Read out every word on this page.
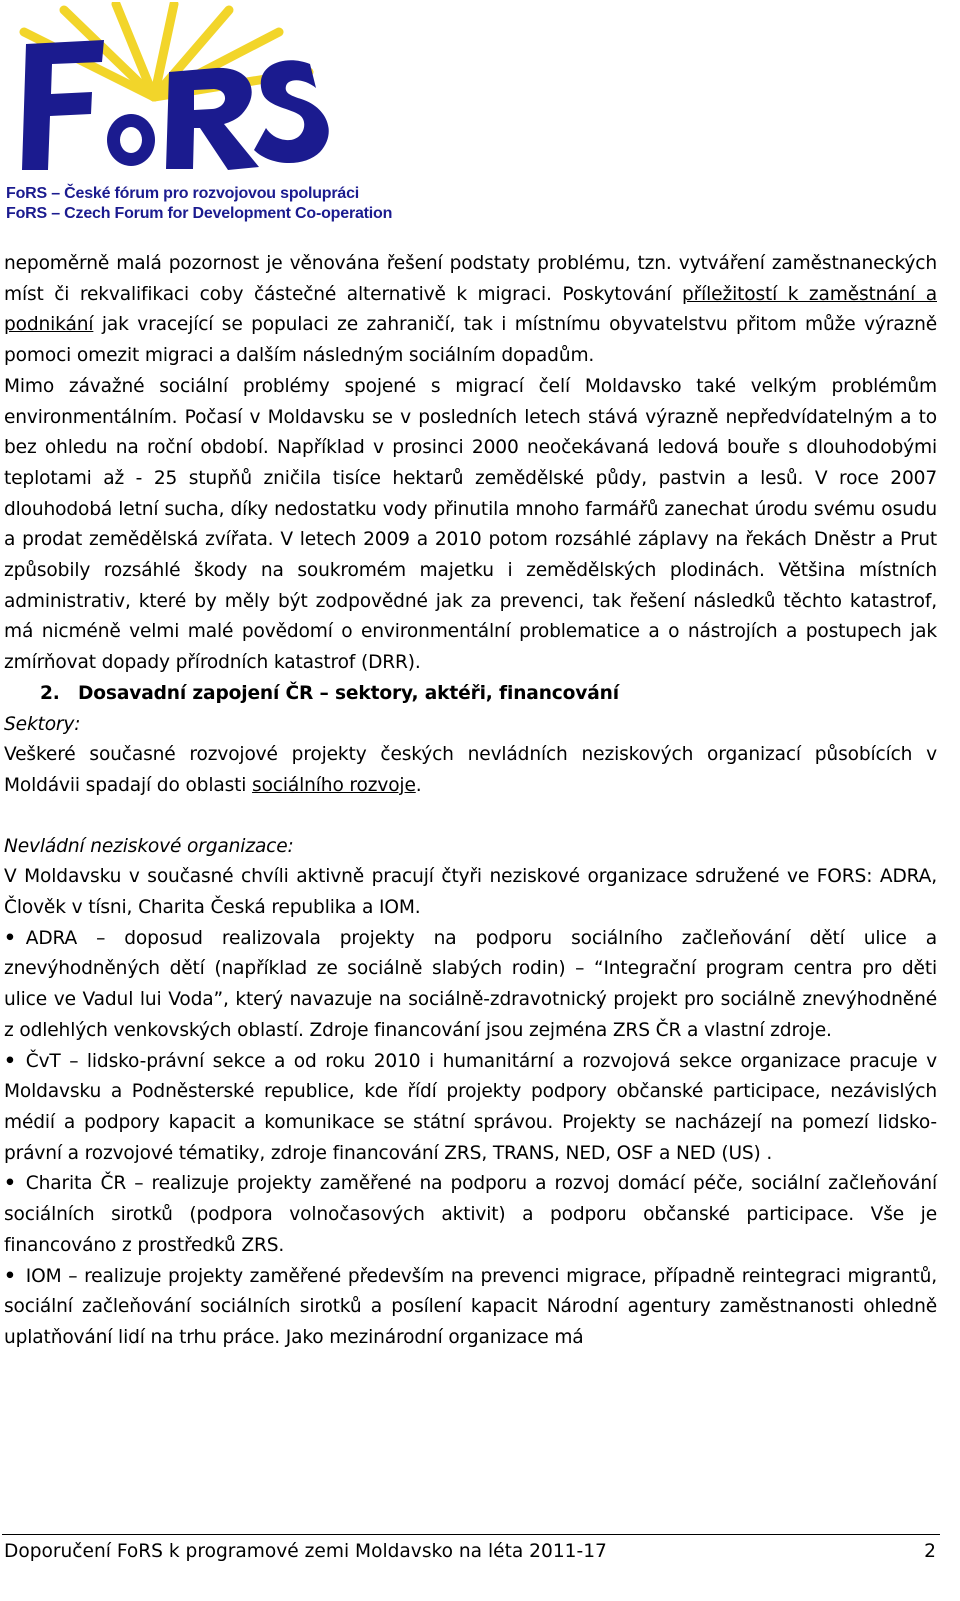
FoRS – České fórum pro rozvojovou spolupráci
FoRS – Czech Forum for Development Co-operation

nepoměrně malá pozornost je věnována řešení podstaty problému, tzn. vytváření zaměstnaneckých míst či rekvalifikaci coby částečné alternativě k migraci. Poskytování příležitostí k zaměstnání a podnikání jak vracející se populaci ze zahraničí, tak i místnímu obyvatelstvu přitom může výrazně pomoci omezit migraci a dalším následným sociálním dopadům.

Mimo závažné sociální problémy spojené s migrací čelí Moldavsko také velkým problémům environmentálním. Počasí v Moldavsku se v posledních letech stává výrazně nepředvídatelným a to bez ohledu na roční období. Například v prosinci 2000 neočekávaná ledová bouře s dlouhodobými teplotami až - 25 stupňů zničila tisíce hektarů zemědělské půdy, pastvin a lesů. V roce 2007 dlouhodobá letní sucha, díky nedostatku vody přinutila mnoho farmářů zanechat úrodu svému osudu a prodat zemědělská zvířata. V letech 2009 a 2010 potom rozsáhlé záplavy na řekách Dněstr a Prut způsobily rozsáhlé škody na soukromém majetku i zemědělských plodinách. Většina místních administrativ, které by měly být zodpovědné jak za prevenci, tak řešení následků těchto katastrof, má nicméně velmi malé povědomí o environmentální problematice a o nástrojích a postupech jak zmírňovat dopady přírodních katastrof (DRR).

2. Dosavadní zapojení ČR – sektory, aktéři, financování

Sektory:

Veškeré současné rozvojové projekty českých nevládních neziskových organizací působících v Moldávii spadají do oblasti sociálního rozvoje.

Nevládní neziskové organizace:

V Moldavsku v současné chvíli aktivně pracují čtyři neziskové organizace sdružené ve FORS: ADRA, Člověk v tísni, Charita Česká republika a IOM.

• ADRA – doposud realizovala projekty na podporu sociálního začleňování dětí ulice a znevýhodněných dětí (například ze sociálně slabých rodin) – “Integrační program centra pro děti ulice ve Vadul lui Voda”, který navazuje na sociálně-zdravotnický projekt pro sociálně znevýhodněné z odlehlých venkovských oblastí. Zdroje financování jsou zejména ZRS ČR a vlastní zdroje.

• ČvT – lidsko-právní sekce a od roku 2010 i humanitární a rozvojová sekce organizace pracuje v Moldavsku a Podněsterské republice, kde řídí projekty podpory občanské participace, nezávislých médií a podpory kapacit a komunikace se státní správou. Projekty se nacházejí na pomezí lidsko-právní a rozvojové tématiky, zdroje financování ZRS, TRANS, NED, OSF a NED (US) .

• Charita ČR – realizuje projekty zaměřené na podporu a rozvoj domácí péče, sociální začleňování sociálních sirotků (podpora volnočasových aktivit) a podporu občanské participace. Vše je financováno z prostředků ZRS.

• IOM – realizuje projekty zaměřené především na prevenci migrace, případně reintegraci migrantů, sociální začleňování sociálních sirotků a posílení kapacit Národní agentury zaměstnanosti ohledně uplatňování lidí na trhu práce. Jako mezinárodní organizace má

Doporučení FoRS k programové zemi Moldavsko na léta 2011-17	2
